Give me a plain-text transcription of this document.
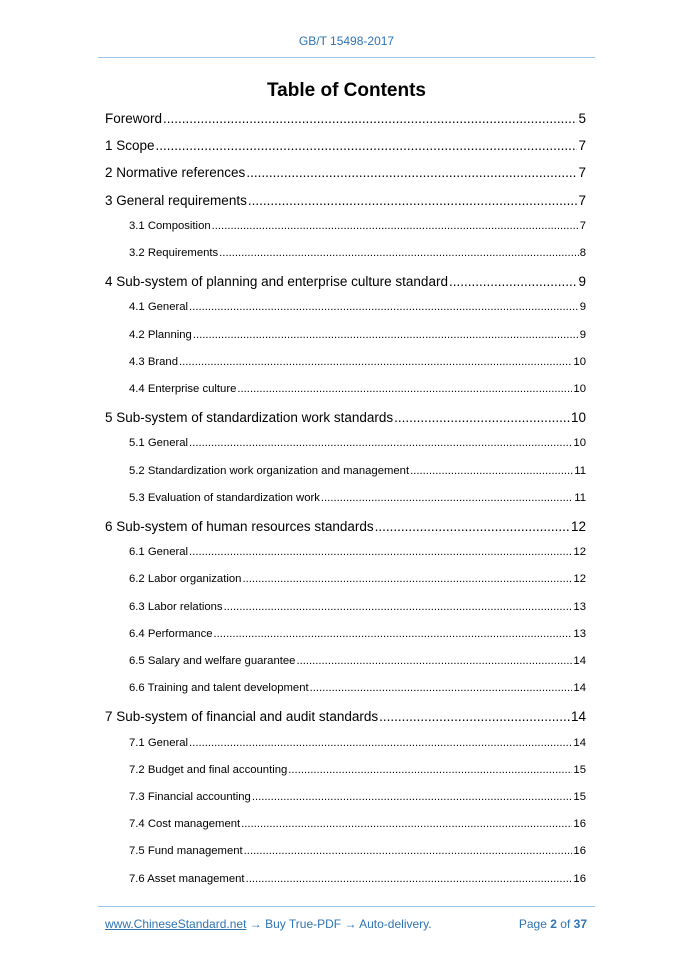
GB/T 15498-2017
Table of Contents
Foreword .....	5
1 Scope .....	7
2 Normative references .....	7
3 General requirements .....	7
3.1 Composition .....	7
3.2 Requirements .....	8
4 Sub-system of planning and enterprise culture standard .....	9
4.1 General .....	9
4.2 Planning .....	9
4.3 Brand .....	10
4.4 Enterprise culture .....	10
5 Sub-system of standardization work standards .....	10
5.1 General .....	10
5.2 Standardization work organization and management .....	11
5.3 Evaluation of standardization work .....	11
6 Sub-system of human resources standards .....	12
6.1 General .....	12
6.2 Labor organization .....	12
6.3 Labor relations .....	13
6.4 Performance .....	13
6.5 Salary and welfare guarantee .....	14
6.6 Training and talent development .....	14
7 Sub-system of financial and audit standards .....	14
7.1 General .....	14
7.2 Budget and final accounting .....	15
7.3 Financial accounting .....	15
7.4 Cost management .....	16
7.5 Fund management .....	16
7.6 Asset management .....	16
www.ChineseStandard.net → Buy True-PDF → Auto-delivery.	Page 2 of 37
